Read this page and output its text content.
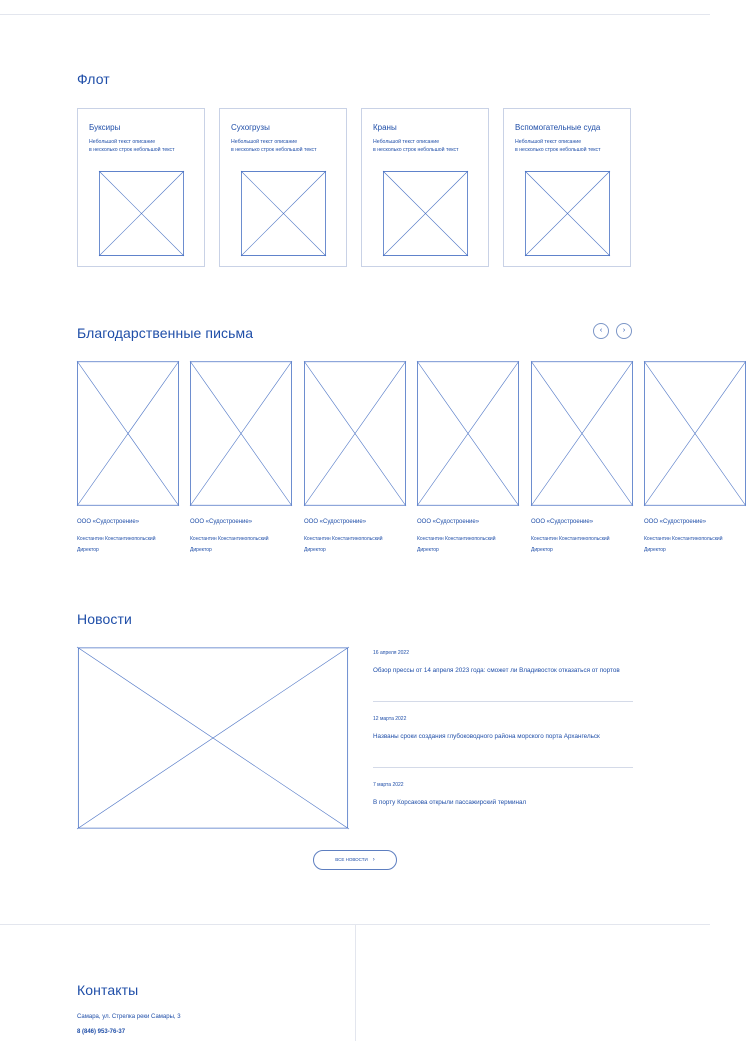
Флот
Буксиры
Небольшой текст описание
в несколько строк небольшой текст
Сухогрузы
Небольшой текст описание
в несколько строк небольшой текст
Краны
Небольшой текст описание
в несколько строк небольшой текст
Вспомогательные суда
Небольшой текст описание
в несколько строк небольшой текст
Благодарственные письма	‹	›
ООО «Судостроение»
Константин Константинопольский
Директор
ООО «Судостроение»
Константин Константинопольский
Директор
ООО «Судостроение»
Константин Константинопольский
Директор
ООО «Судостроение»
Константин Константинопольский
Директор
ООО «Судостроение»
Константин Константинопольский
Директор
ООО «Судостроение»
Константин Константинопольский
Директор
Новости
16 апреля 2022
Обзор прессы от 14 апреля 2023 года: сможет ли Владивосток отказаться от портов
12 марта 2022
Названы сроки создания глубоководного района морского порта Архангельск
7 марта 2022
В порту Корсакова открыли пассажирский терминал
ВСЕ НОВОСТИ ›
Контакты
Самара, ул. Стрелка реки Самары, 3
8 (846) 953-76-37
